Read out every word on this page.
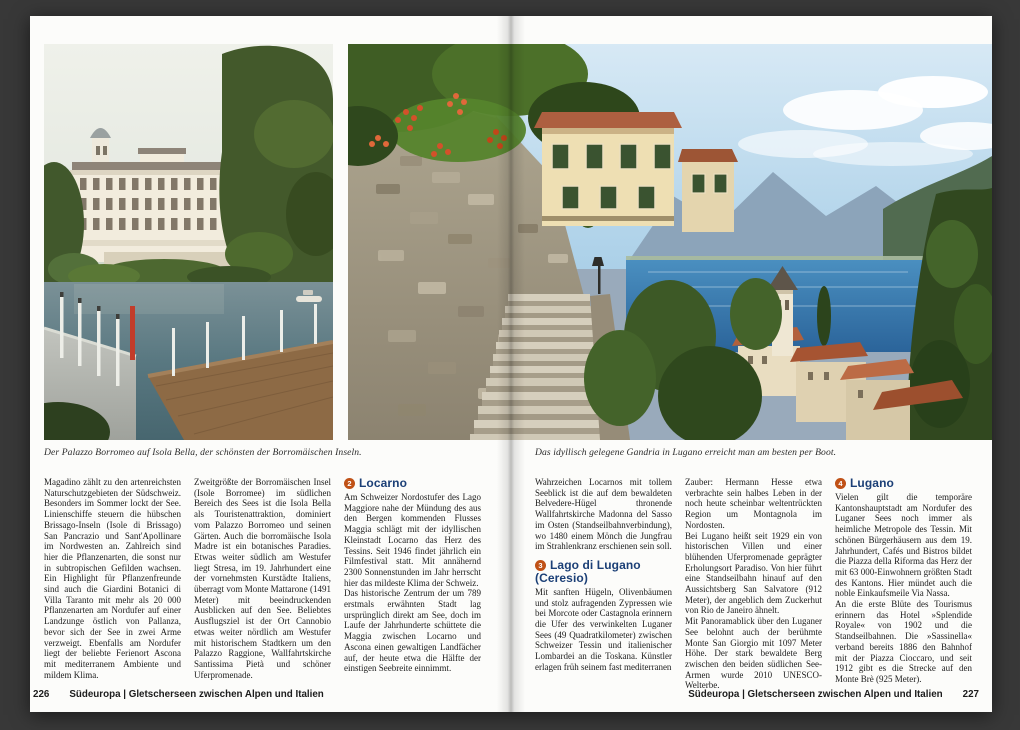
Der Palazzo Borromeo auf Isola Bella, der schönsten der Borromäischen Inseln.	Das idyllisch gelegene Gandria in Lugano erreicht man am besten per Boot.

Magadino zählt zu den artenreichsten Naturschutzgebieten der Südschweiz. Besonders im Sommer lockt der See. Linienschiffe steuern die hübschen Brissago-Inseln (Isole di Brissago) San Pancrazio und Sant'Apollinare im Nordwesten an. Zahlreich sind hier die Pflanzenarten, die sonst nur in subtropischen Gefilden wachsen. Ein Highlight für Pflanzenfreunde sind auch die Giardini Botanici di Villa Taranto mit mehr als 20 000 Pflanzenarten am Nordufer auf einer Landzunge östlich von Pallanza, bevor sich der See in zwei Arme verzweigt. Ebenfalls am Nordufer liegt der beliebte Ferienort Ascona mit mediterranem Ambiente und mildem Klima.

Zweitgrößte der Borromäischen Insel (Isole Borromee) im südlichen Bereich des Sees ist die Isola Bella als Touristenattraktion, dominiert vom Palazzo Borromeo und seinen Gärten. Auch die borromäische Isola Madre ist ein botanisches Paradies. Etwas weiter südlich am Westufer liegt Stresa, im 19. Jahrhundert eine der vornehmsten Kurstädte Italiens, überragt vom Monte Mattarone (1491 Meter) mit beeindruckenden Ausblicken auf den See. Beliebtes Ausflugsziel ist der Ort Cannobio etwas weiter nördlich am Westufer mit historischem Stadtkern um den Palazzo Raggione, Wallfahrtskirche Santissima Pietà und schöner Uferpromenade.

2 Locarno

Am Schweizer Nordostufer des Lago Maggiore nahe der Mündung des aus den Bergen kommenden Flusses Maggia schlägt mit der idyllischen Kleinstadt Locarno das Herz des Tessins. Seit 1946 findet jährlich ein Filmfestival statt. Mit annähernd 2300 Sonnenstunden im Jahr herrscht hier das mildeste Klima der Schweiz.

Das historische Zentrum der um 789 erstmals erwähnten Stadt lag ursprünglich direkt am See, doch im Laufe der Jahrhunderte schüttete die Maggia zwischen Locarno und Ascona einen gewaltigen Landfächer auf, der heute etwa die Hälfte der einstigen Seebreite einnimmt.

Wahrzeichen Locarnos mit tollem Seeblick ist die auf dem bewaldeten Belvedere-Hügel thronende Wallfahrtskirche Madonna del Sasso im Osten (Standseilbahnverbindung), wo 1480 einem Mönch die Jungfrau im Strahlenkranz erschienen sein soll.

3 Lago di Lugano (Ceresio)

Mit sanften Hügeln, Olivenbäumen und stolz aufragenden Zypressen wie bei Morcote oder Castagnola erinnern die Ufer des verwinkelten Luganer Sees (49 Quadratkilometer) zwischen Schweizer Tessin und italienischer Lombardei an die Toskana. Künstler erlagen früh seinem fast mediterranen

Zauber: Hermann Hesse etwa verbrachte sein halbes Leben in der noch heute scheinbar weltentrückten Region um Montagnola im Nordosten.

Bei Lugano heißt seit 1929 ein von historischen Villen und einer blühenden Uferpromenade geprägter Erholungsort Paradiso. Von hier führt eine Standseilbahn hinauf auf den Aussichtsberg San Salvatore (912 Meter), der angeblich dem Zuckerhut von Rio de Janeiro ähnelt.

Mit Panoramablick über den Luganer See belohnt auch der berühmte Monte San Giorgio mit 1097 Meter Höhe. Der stark bewaldete Berg zwischen den beiden südlichen See-Armen wurde 2010 UNESCO-Welterbe.

4 Lugano

Vielen gilt die temporäre Kantonshauptstadt am Nordufer des Luganer Sees noch immer als heimliche Metropole des Tessin. Mit schönen Bürgerhäusern aus dem 19. Jahrhundert, Cafés und Bistros bildet die Piazza della Riforma das Herz der mit 63 000-Einwohnern größten Stadt des Kantons. Hier mündet auch die noble Einkaufsmeile Via Nassa.

An die erste Blüte des Tourismus erinnern das Hotel »Splendide Royale« von 1902 und die Standseilbahnen. Die »Sassinella« verband bereits 1886 den Bahnhof mit der Piazza Cioccaro, und seit 1912 gibt es die Strecke auf den Monte Brè (925 Meter).

226 Südeuropa | Gletscherseen zwischen Alpen und Italien	Südeuropa | Gletscherseen zwischen Alpen und Italien 227
